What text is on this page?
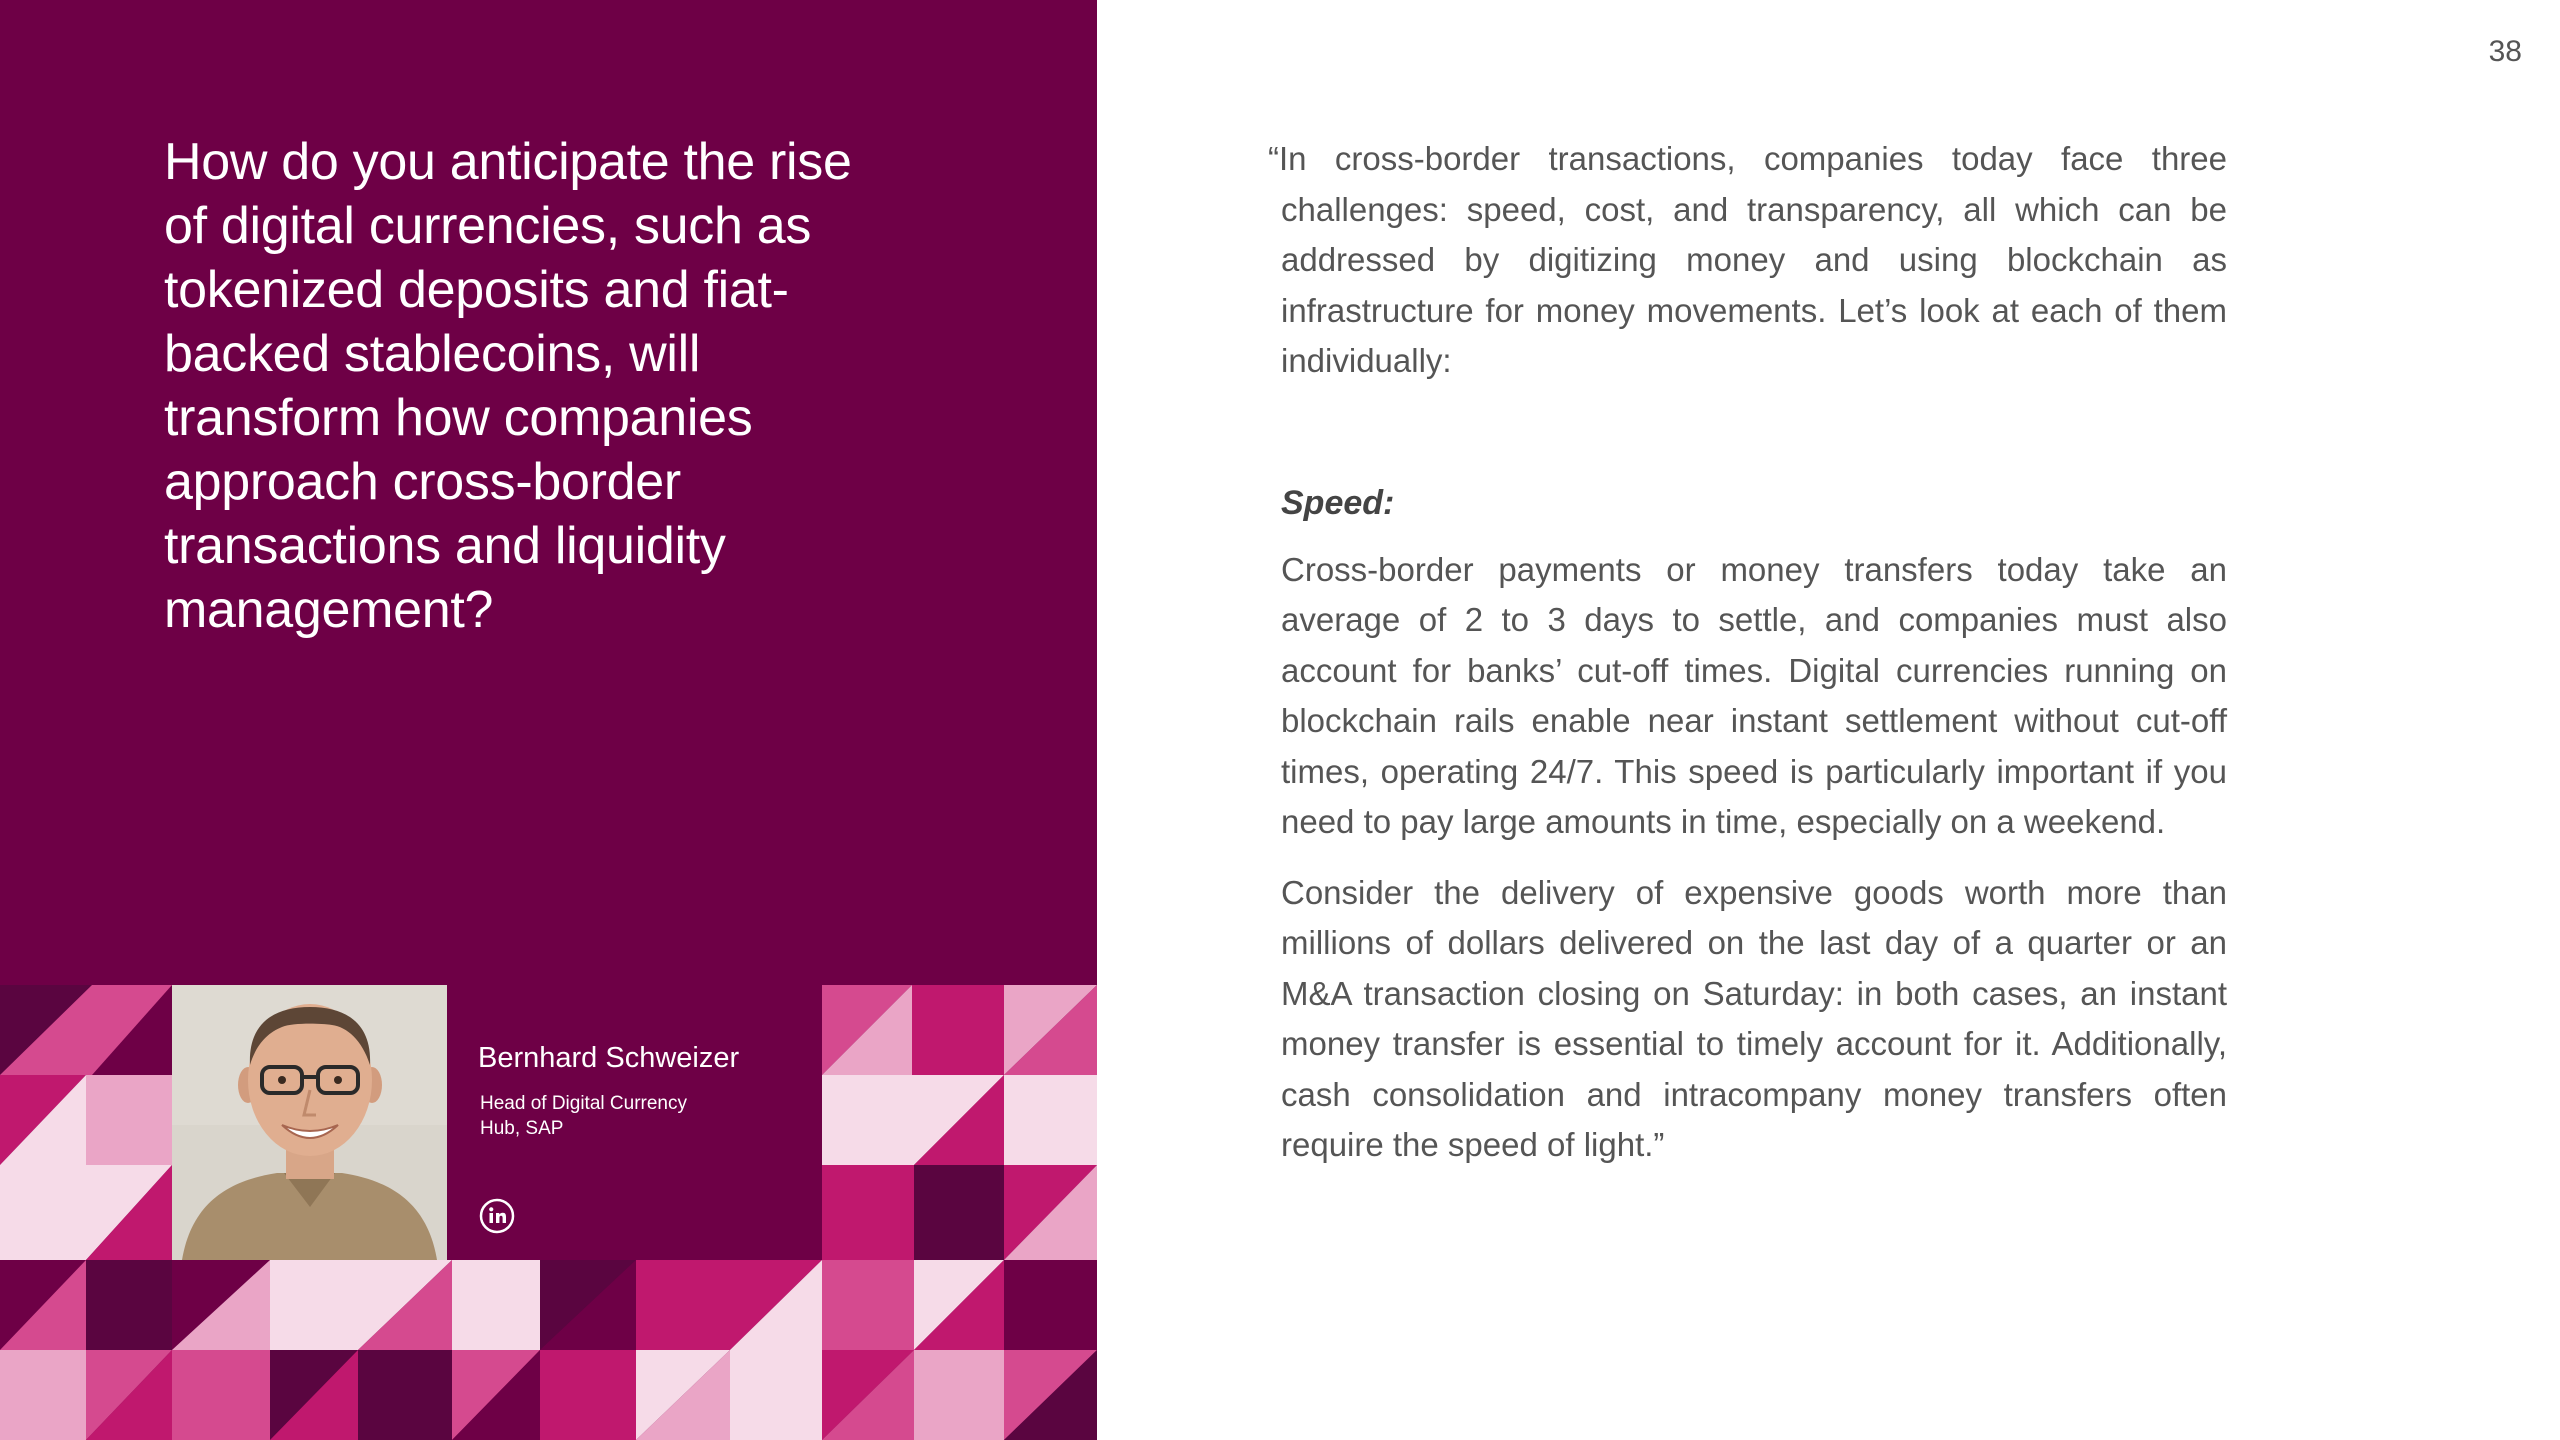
How do you anticipate the rise of digital currencies, such as tokenized deposits and fiat-backed stablecoins, will transform how companies approach cross-border transactions and liquidity management?

Bernhard Schweizer

Head of Digital Currency Hub, SAP

38

“In cross-border transactions, companies today face three challenges: speed, cost, and transparency, all which can be addressed by digitizing money and using blockchain as infrastructure for money movements. Let’s look at each of them individually:

Speed:

Cross-border payments or money transfers today take an average of 2 to 3 days to settle, and companies must also account for banks’ cut-off times. Digital currencies running on blockchain rails enable near instant settlement without cut-off times, operating 24/7. This speed is particularly important if you need to pay large amounts in time, especially on a weekend.

Consider the delivery of expensive goods worth more than millions of dollars delivered on the last day of a quarter or an M&A transaction closing on Saturday: in both cases, an instant money transfer is essential to timely account for it. Additionally, cash consolidation and intracompany money transfers often require the speed of light.”
